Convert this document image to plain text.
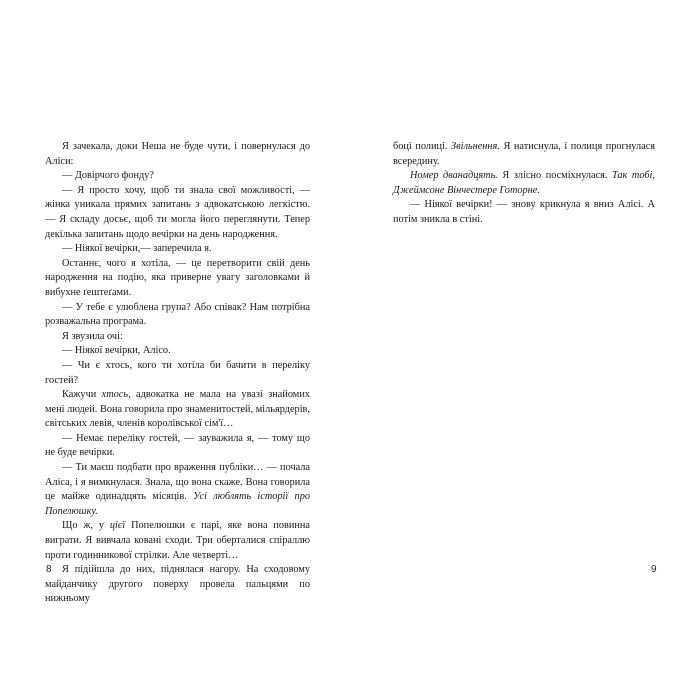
Я зачекала, доки Неша не буде чути, і повернулася до Аліси:

— Довірчого фонду?

— Я просто хочу, щоб ти знала свої можливості, — жінка уникала прямих запитань з адвокатською легкістю. — Я складу досьє, щоб ти могла його переглянути. Тепер декілька запитань щодо вечірки на день народження.

— Ніякої вечірки,— заперечила я.

Останнє, чого я хотіла, — це перетворити свій день народження на подію, яка приверне увагу заголовками й вибухне ґештеґами.

— У тебе є улюблена група? Або співак? Нам потрібна розважальна програма.

Я звузила очі:

— Ніякої вечірки, Алісо.

— Чи є хтось, кого ти хотіла би бачити в переліку гостей?

Кажучи хтось, адвокатка не мала на увазі знайомих мені людей. Вона говорила про знаменитостей, мільярдерів, світських левів, членів королівської сім'ї…

— Немає переліку гостей, — зауважила я, — тому що не буде вечірки.

— Ти маєш подбати про враження публіки… — почала Аліса, і я вимкнулася. Знала, що вона скаже. Вона говорила це майже одинадцять місяців. Усі люблять історії про Попелюшку.

Що ж, у цієї Попелюшки є парі, яке вона повинна виграти. Я вивчала ковані сходи. Три оберталися спіраллю проти годинникової стрілки. Але четверті…

Я підійшла до них, піднялася нагору. На сходовому майданчику другого поверху провела пальцями по нижньому

боці полиці. Звільнення. Я натиснула, і полиця прогнулася всередину.

Номер дванадцять. Я злісно посміхнулася. Так тобі, Джеймсоне Вінчестере Готорне.

— Ніякої вечірки! — знову крикнула я вниз Алісі. А потім зникла в стіні.

8	9
